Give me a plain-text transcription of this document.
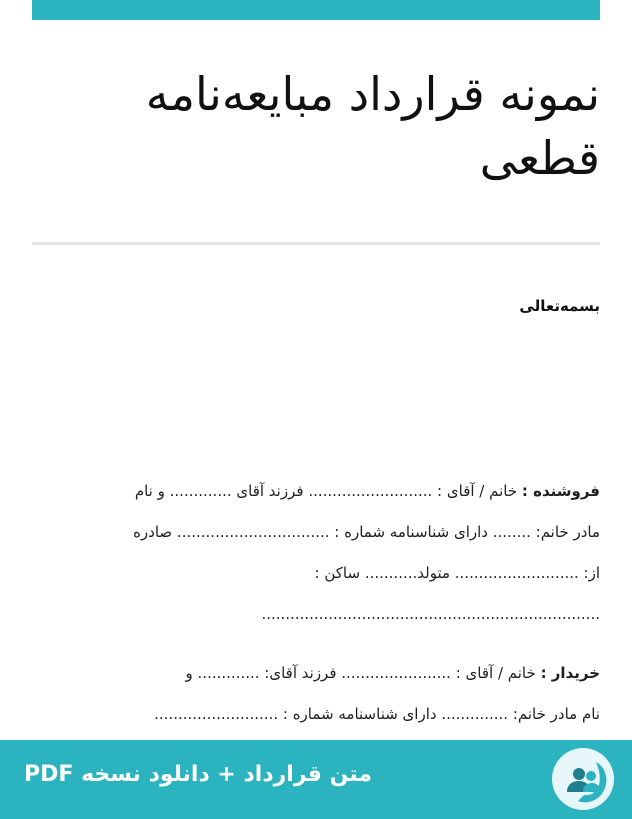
نمونه قرارداد مبایعه‌نامه
قطعی

بسمه‌تعالی

فروشنده : خانم / آقای : .......................... فرزند آقای ............. و نام
مادر خانم: ........ دارای شناسنامه شماره : ................................ صادره
از: .......................... متولد........... ساکن :
.......................................................................
خریدار : خانم / آقای : ....................... فرزند آقای: ............. و
نام مادر خانم: .............. دارای شناسنامه شماره : ..........................
متن قرارداد + دانلود نسخه PDF
